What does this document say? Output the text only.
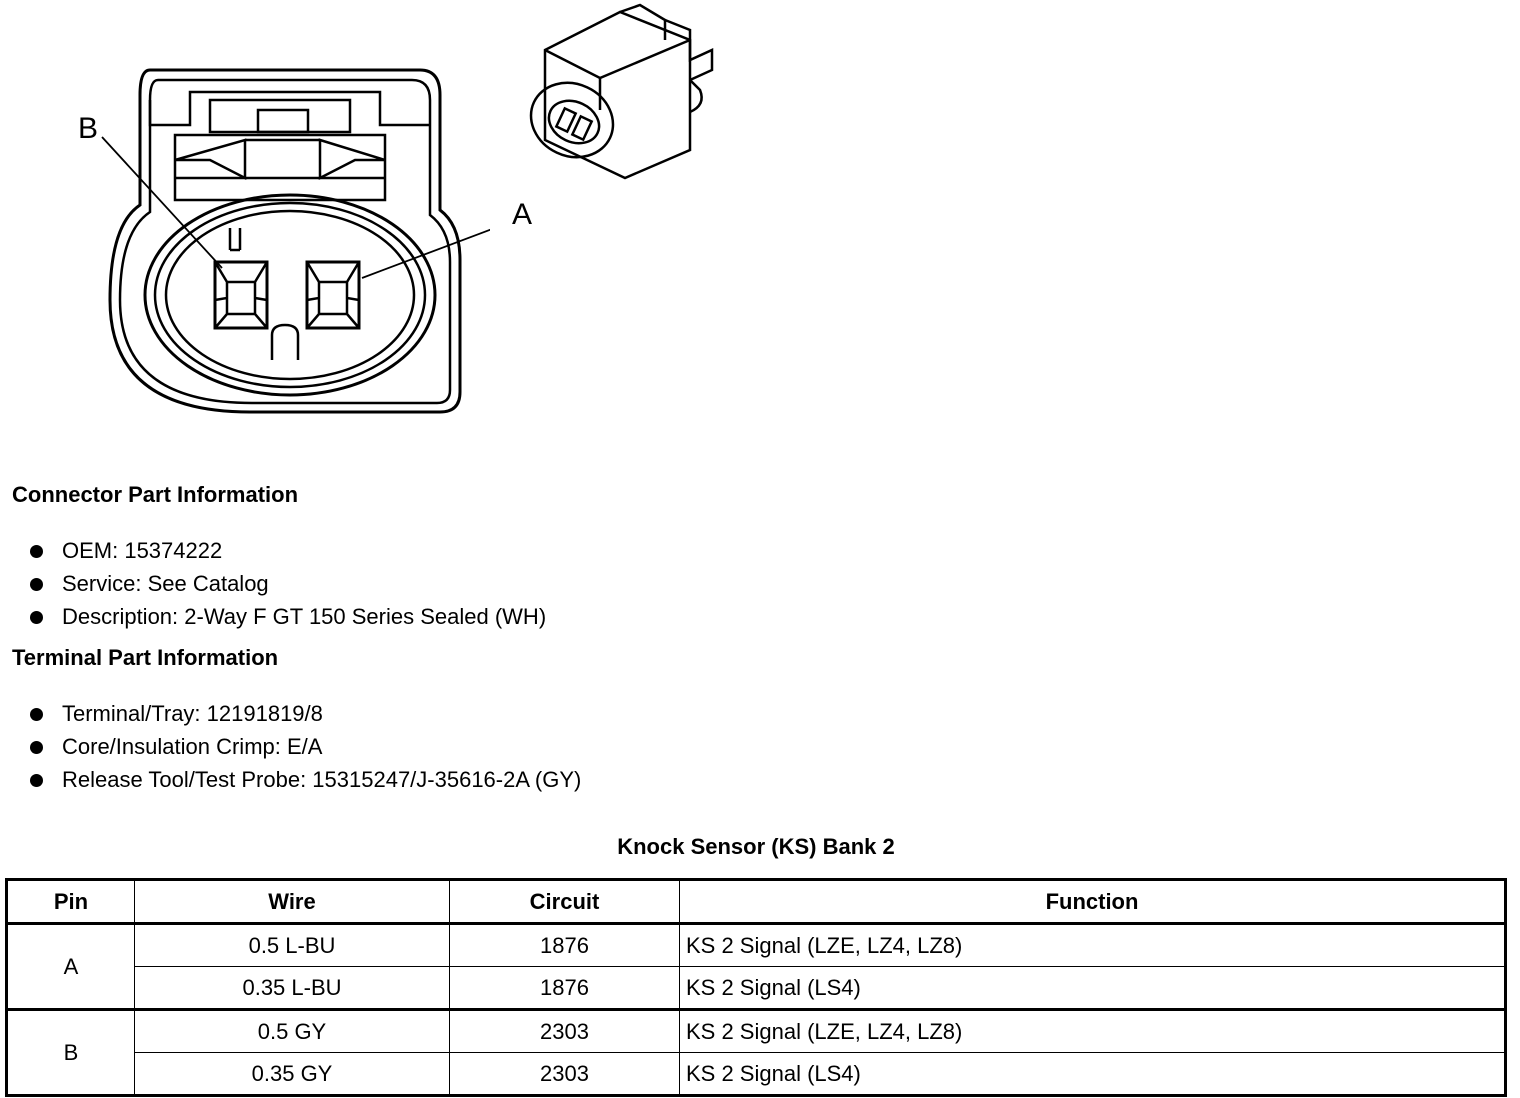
B
A
Connector Part Information
OEM: 15374222
Service: See Catalog
Description: 2-Way F GT 150 Series Sealed (WH)
Terminal Part Information
Terminal/Tray: 12191819/8
Core/Insulation Crimp: E/A
Release Tool/Test Probe: 15315247/J-35616-2A (GY)
Knock Sensor (KS) Bank 2
Pin	Wire	Circuit	Function
A	0.5 L-BU	1876	KS 2 Signal (LZE, LZ4, LZ8)
	0.35 L-BU	1876	KS 2 Signal (LS4)
B	0.5 GY	2303	KS 2 Signal (LZE, LZ4, LZ8)
	0.35 GY	2303	KS 2 Signal (LS4)
